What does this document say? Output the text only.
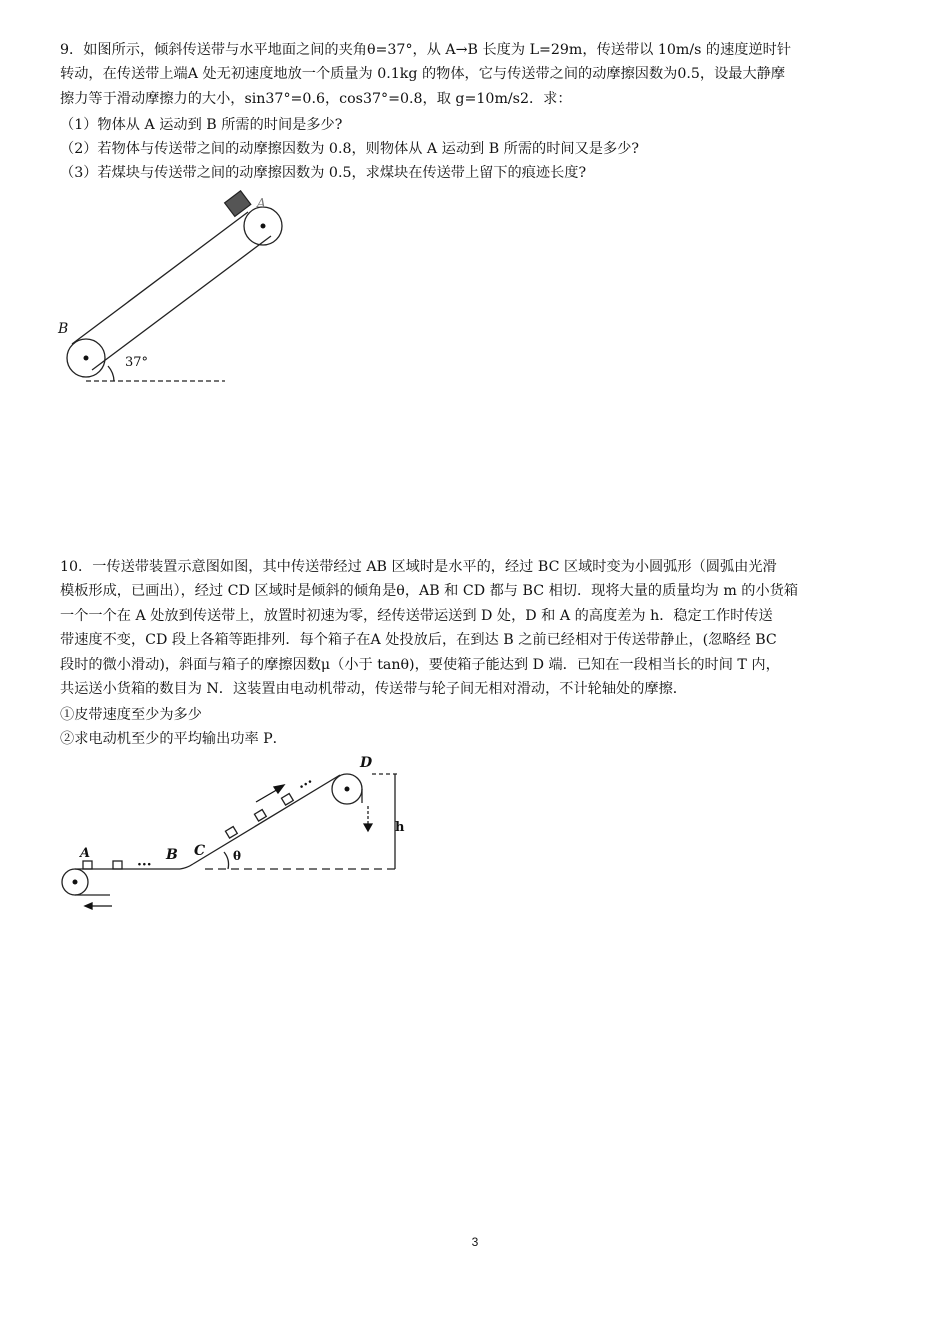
9．如图所示，倾斜传送带与水平地面之间的夹角θ=37°，从 A→B 长度为 L=29m，传送带以 10m/s 的速度逆时针
转动，在传送带上端A 处无初速度地放一个质量为 0.1kg 的物体，它与传送带之间的动摩擦因数为0.5，设最大静摩
擦力等于滑动摩擦力的大小，sin37°=0.6，cos37°=0.8，取 g=10m/s2．求：
（1）物体从 A 运动到 B 所需的时间是多少?
（2）若物体与传送带之间的动摩擦因数为 0.8，则物体从 A 运动到 B 所需的时间又是多少?
（3）若煤块与传送带之间的动摩擦因数为 0.5，求煤块在传送带上留下的痕迹长度?
A
B
37°
10．一传送带装置示意图如图，其中传送带经过 AB 区域时是水平的，经过 BC 区域时变为小圆弧形（圆弧由光滑
模板形成，已画出），经过 CD 区域时是倾斜的倾角是θ，AB 和 CD 都与 BC 相切．现将大量的质量均为 m 的小货箱
一个一个在 A 处放到传送带上，放置时初速为零，经传送带运送到 D 处，D 和 A 的高度差为 h．稳定工作时传送
带速度不变，CD 段上各箱等距排列．每个箱子在A 处投放后，在到达 B 之前已经相对于传送带静止，(忽略经 BC
段时的微小滑动)，斜面与箱子的摩擦因数μ（小于 tanθ)，要使箱子能达到 D 端．已知在一段相当长的时间 T 内，
共运送小货箱的数目为 N．这装置由电动机带动，传送带与轮子间无相对滑动，不计轮轴处的摩擦．
①皮带速度至少为多少
②求电动机至少的平均输出功率 P．
···
···
A	B C
D
h
θ
3
